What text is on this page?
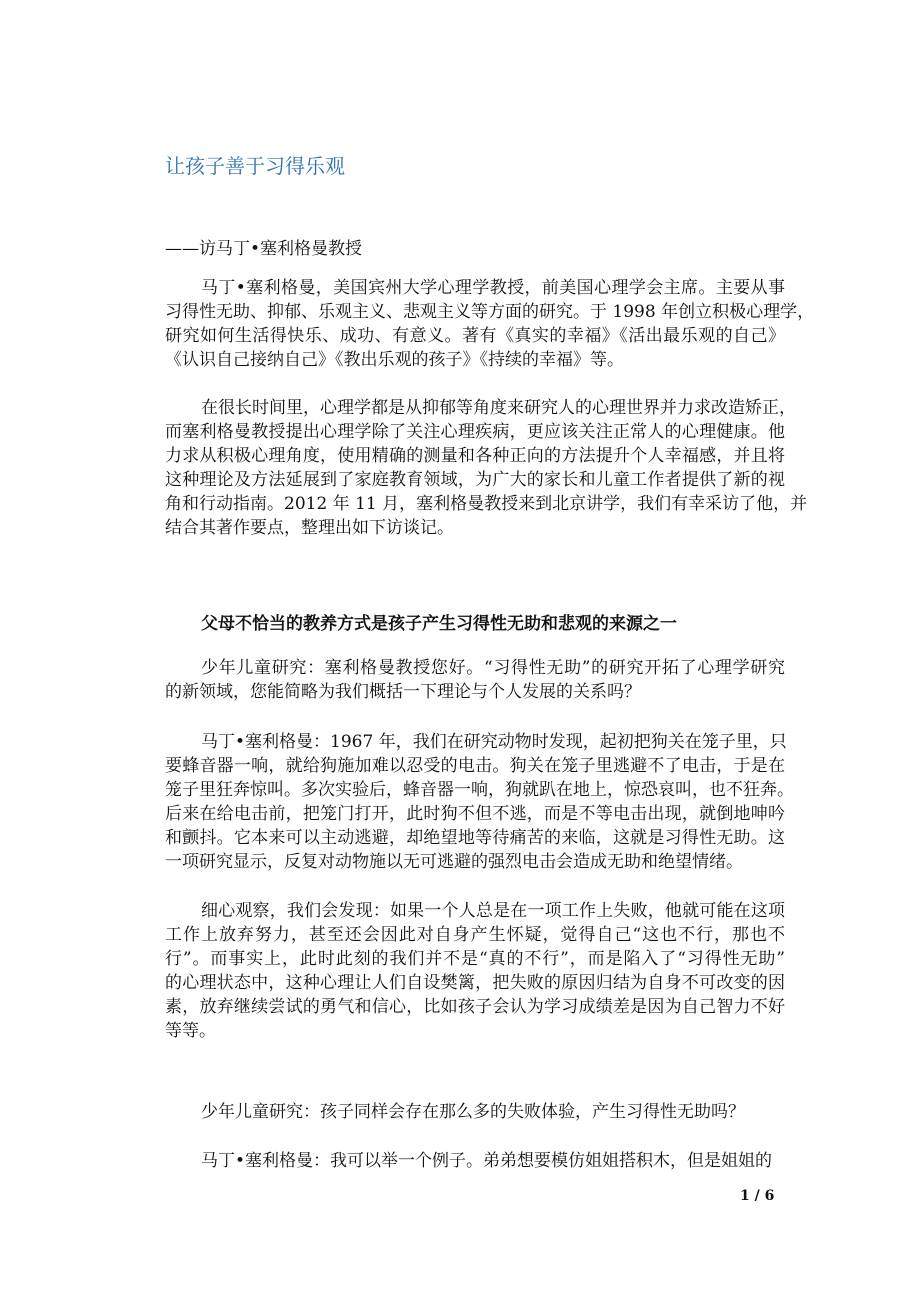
让孩子善于习得乐观
——访马丁•塞利格曼教授
马丁•塞利格曼，美国宾州大学心理学教授，前美国心理学会主席。主要从事
习得性无助、抑郁、乐观主义、悲观主义等方面的研究。于 1998 年创立积极心理学，
研究如何生活得快乐、成功、有意义。著有《真实的幸福》《活出最乐观的自己》
《认识自己接纳自己》《教出乐观的孩子》《持续的幸福》等。
在很长时间里，心理学都是从抑郁等角度来研究人的心理世界并力求改造矫正，
而塞利格曼教授提出心理学除了关注心理疾病，更应该关注正常人的心理健康。他
力求从积极心理角度，使用精确的测量和各种正向的方法提升个人幸福感，并且将
这种理论及方法延展到了家庭教育领域，为广大的家长和儿童工作者提供了新的视
角和行动指南。2012 年 11 月，塞利格曼教授来到北京讲学，我们有幸采访了他，并
结合其著作要点，整理出如下访谈记。
父母不恰当的教养方式是孩子产生习得性无助和悲观的来源之一
少年儿童研究：塞利格曼教授您好。“习得性无助”的研究开拓了心理学研究
的新领域，您能简略为我们概括一下理论与个人发展的关系吗？
马丁•塞利格曼：1967 年，我们在研究动物时发现，起初把狗关在笼子里，只
要蜂音器一响，就给狗施加难以忍受的电击。狗关在笼子里逃避不了电击，于是在
笼子里狂奔惊叫。多次实验后，蜂音器一响，狗就趴在地上，惊恐哀叫，也不狂奔。
后来在给电击前，把笼门打开，此时狗不但不逃，而是不等电击出现，就倒地呻吟
和颤抖。它本来可以主动逃避，却绝望地等待痛苦的来临，这就是习得性无助。这
一项研究显示，反复对动物施以无可逃避的强烈电击会造成无助和绝望情绪。
细心观察，我们会发现：如果一个人总是在一项工作上失败，他就可能在这项
工作上放弃努力，甚至还会因此对自身产生怀疑，觉得自己“这也不行，那也不
行”。而事实上，此时此刻的我们并不是“真的不行”，而是陷入了“习得性无助”
的心理状态中，这种心理让人们自设樊篱，把失败的原因归结为自身不可改变的因
素，放弃继续尝试的勇气和信心，比如孩子会认为学习成绩差是因为自己智力不好
等等。
少年儿童研究：孩子同样会存在那么多的失败体验，产生习得性无助吗？
马丁•塞利格曼：我可以举一个例子。弟弟想要模仿姐姐搭积木，但是姐姐的
1 / 6
